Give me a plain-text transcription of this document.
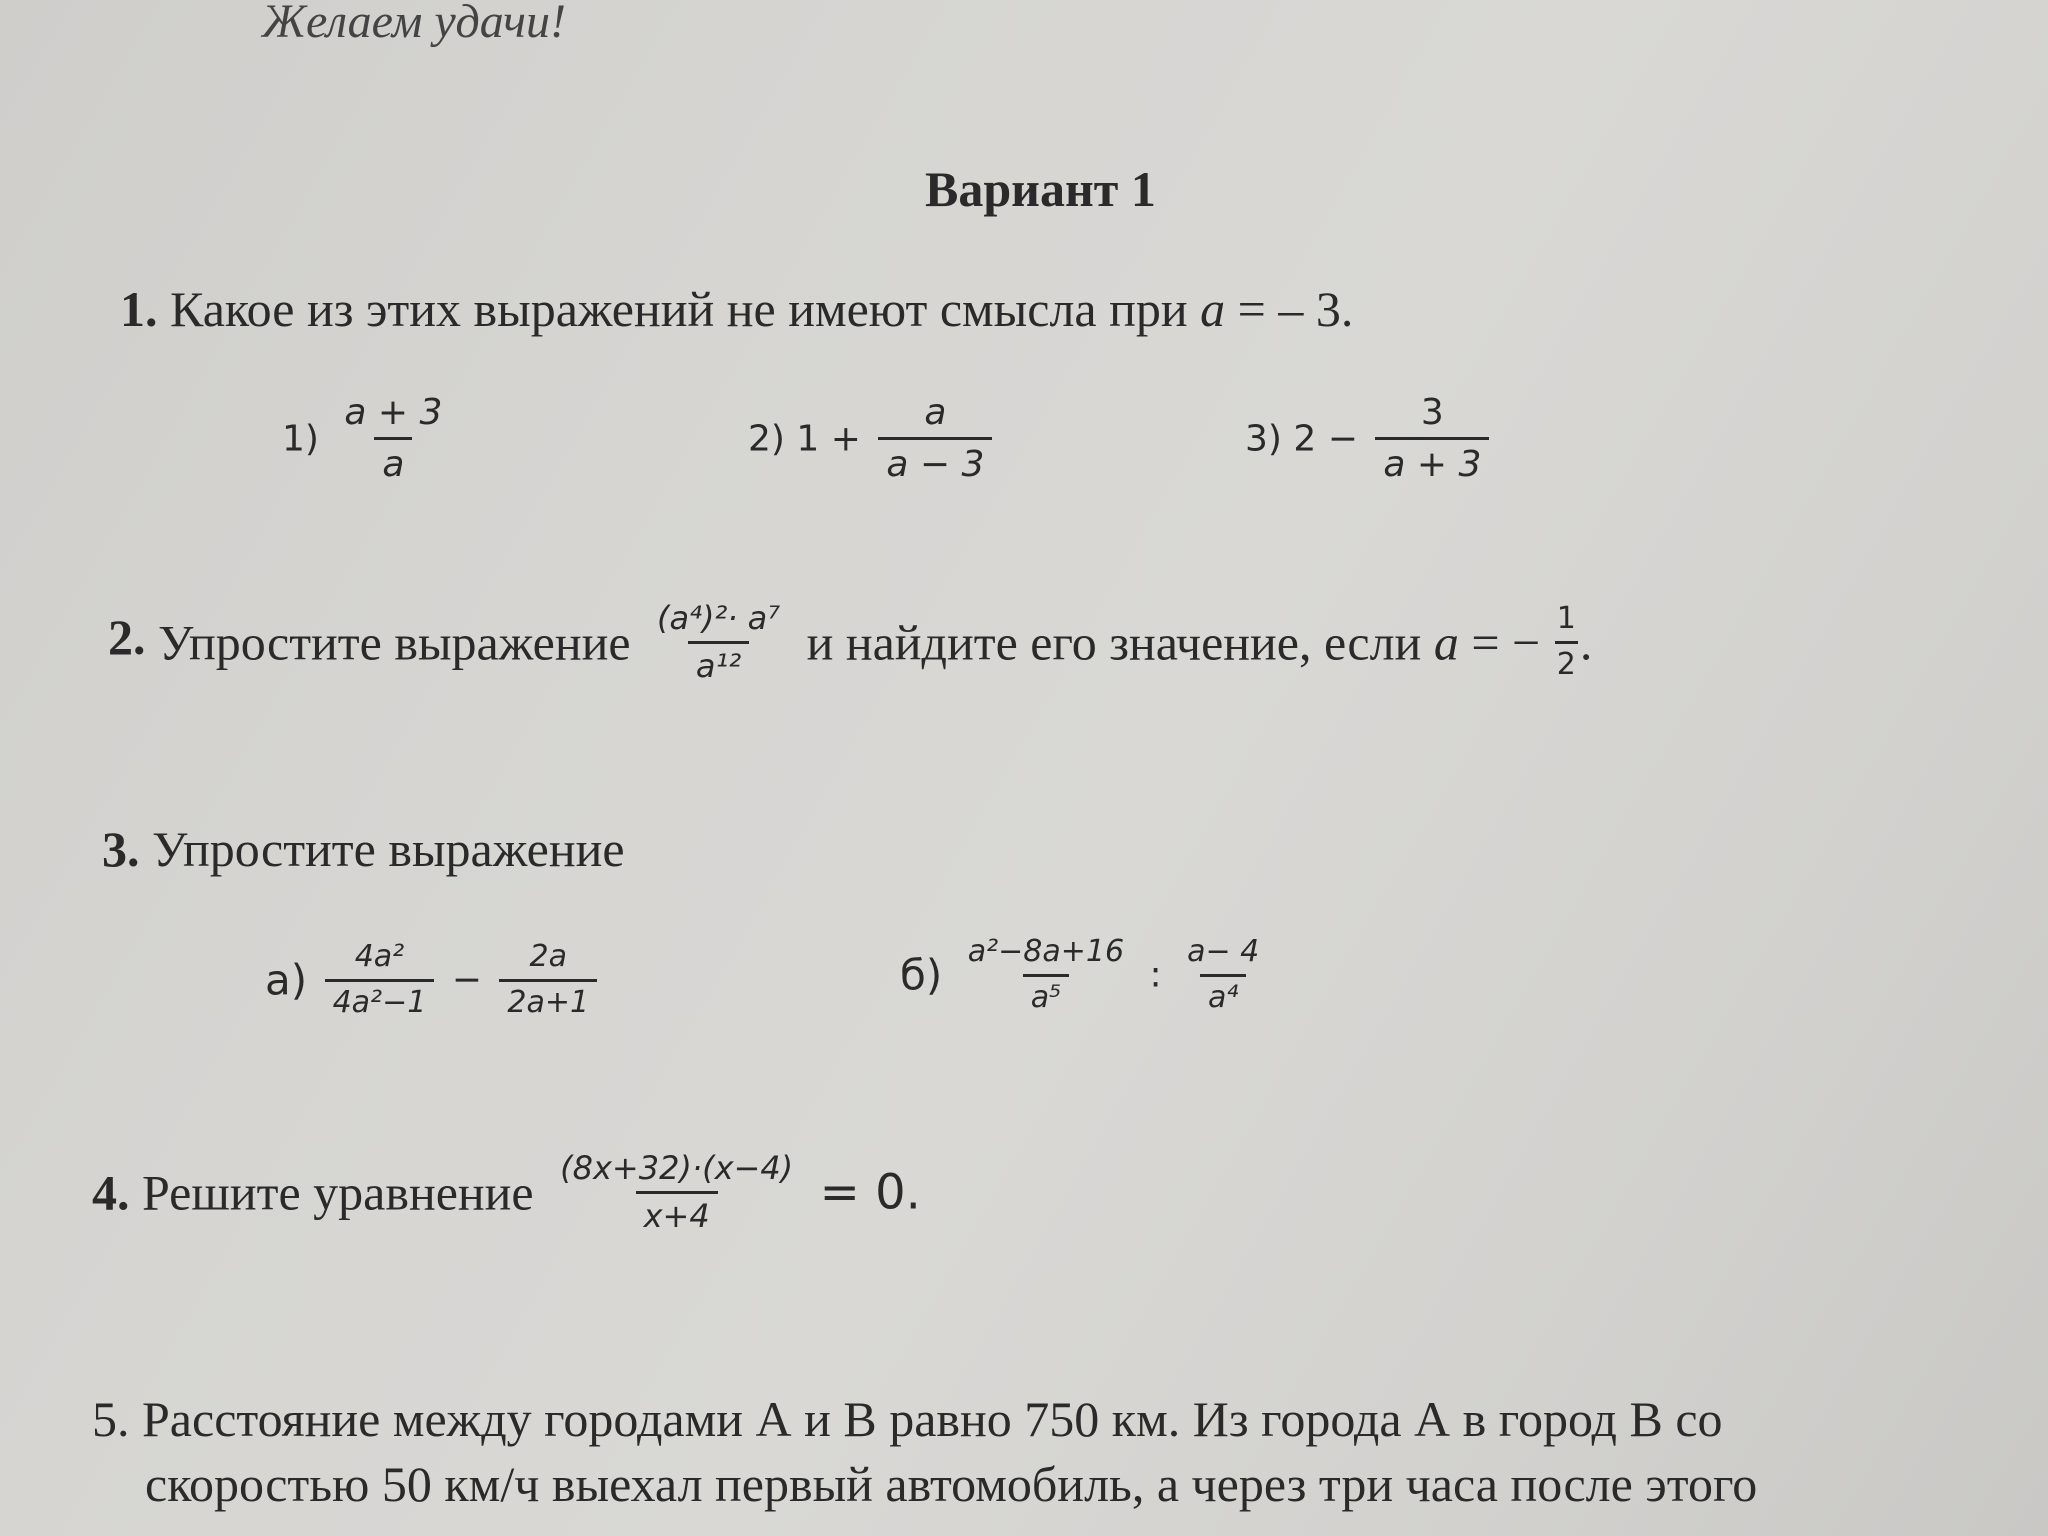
Желаем удачи!
Вариант 1
1. Какое из этих выражений не имеют смысла при a = – 3.
$1) \frac{a + 3}{a}$	2) $1 + \frac{a}{a - 3}$	3) $2 - \frac{3}{a + 3}$
2. Упростите выражение $\frac{\text{(a⁴)²· a⁷}}{\text{a¹²}}$ и найдите его значение, если a = − $\frac{1}{2}$ .
3. Упростите выражение
$а) \frac{\text{4a²}}{\text{4a²−1}} - \frac{2a}{2a+1}$	$б) \frac{\text{a²−8a+16}}{\text{a⁵}}$ : $\frac{a- 4}{\text{a⁴}}$
4. Решите уравнение $\frac{(8x+32)\cdot(x-4)}{x+4} = 0$.
5. Расстояние между городами А и В равно 750 км. Из города А в город В со
скоростью 50 км/ч выехал первый автомобиль, а через три часа после этого
